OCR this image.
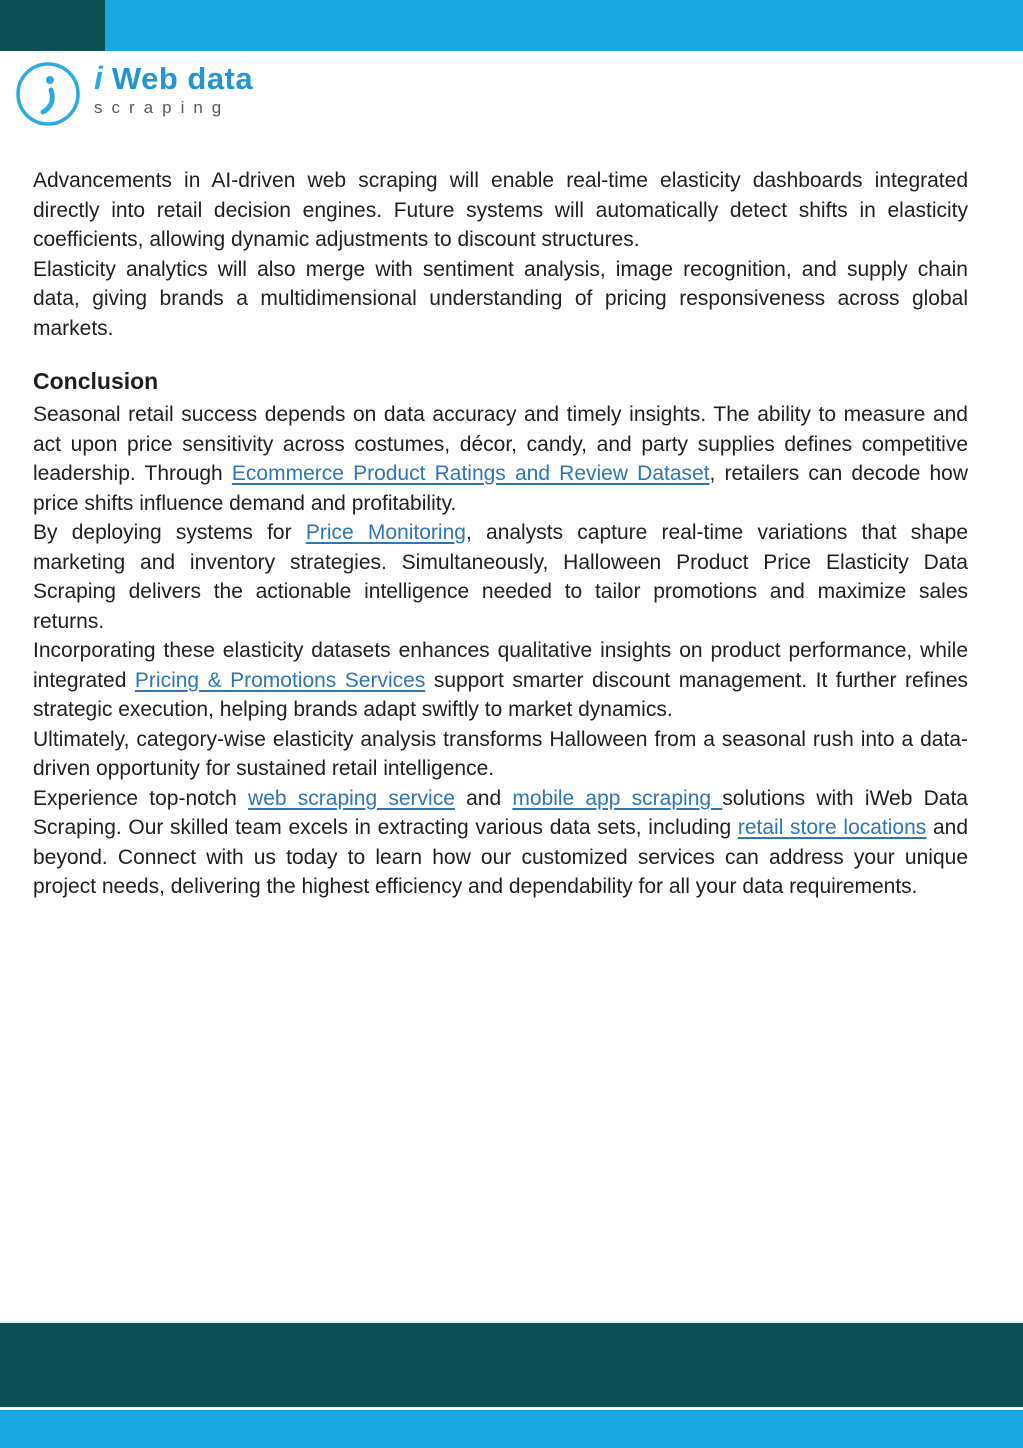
i Web data
scraping

Advancements in AI-driven web scraping will enable real-time elasticity dashboards integrated directly into retail decision engines. Future systems will automatically detect shifts in elasticity coefficients, allowing dynamic adjustments to discount structures.

Elasticity analytics will also merge with sentiment analysis, image recognition, and supply chain data, giving brands a multidimensional understanding of pricing responsiveness across global markets.

Conclusion

Seasonal retail success depends on data accuracy and timely insights. The ability to measure and act upon price sensitivity across costumes, décor, candy, and party supplies defines competitive leadership. Through Ecommerce Product Ratings and Review Dataset, retailers can decode how price shifts influence demand and profitability.

By deploying systems for Price Monitoring, analysts capture real-time variations that shape marketing and inventory strategies. Simultaneously, Halloween Product Price Elasticity Data Scraping delivers the actionable intelligence needed to tailor promotions and maximize sales returns.

Incorporating these elasticity datasets enhances qualitative insights on product performance, while integrated Pricing & Promotions Services support smarter discount management. It further refines strategic execution, helping brands adapt swiftly to market dynamics.

Ultimately, category-wise elasticity analysis transforms Halloween from a seasonal rush into a data-driven opportunity for sustained retail intelligence.

Experience top-notch web scraping service and mobile app scraping solutions with iWeb Data Scraping. Our skilled team excels in extracting various data sets, including retail store locations and beyond. Connect with us today to learn how our customized services can address your unique project needs, delivering the highest efficiency and dependability for all your data requirements.
